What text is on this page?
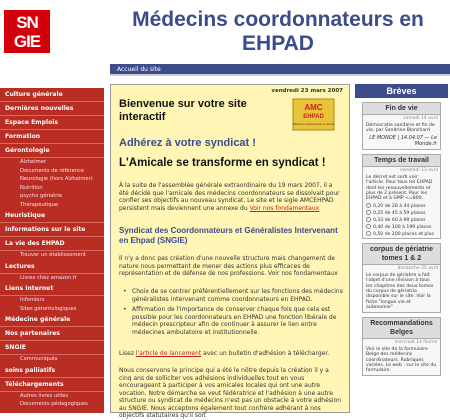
SN
GIE
Médecins coordonnateurs en EHPAD
Accueil du site
Culture générale
Dernières nouvelles
Espace Emplois
Formation
Gérontologie
Alzheimer
Documents de référence
Neurologie (hors Alzheimer)
Nutrition
psycho gériatrie
Thérapeutique
Heuristique
Informations sur le site
La vie des EHPAD
Trouver un établissement
Lectures
Livres chez amazon.fr
Liens Internet
Infomiers
Sites gérontologiques
Médecine générale
Nos partenaires
SNGIE
Communiqués
soins palliatifs
Téléchargements
Autres livres utiles
Documents pédagogiques
vendredi 23 mars 2007
Bienvenue sur votre site interactif
AMC
EHPAD
Médecins coordonnateurs en Ehpad
Adhérez à votre syndicat !
L'Amicale se transforme en syndicat !
À la suite de l'assemblée générale extraordinaire du 19 mars 2007, il a été décidé que l'amicale des médecins coordonnateurs se dissolvait pour confier ses objectifs au nouveau syndicat. Le site et le sigle AMCEHPAD persistent mais deviennent une annexe du Voir nos fondamentaux
Syndicat des Coordonnateurs et Généralistes Intervenant en Ehpad (SNGIE)
Il n'y a donc pas création d'une nouvelle structure mais changement de nature nous permettant de mener des actions plus efficaces de représentation et de défense de nos professions. Voir nos fondamentaux
• Choix de se centrer préférentiellement sur les fonctions des médecins généralistes intervenant comme coordonnateurs en EHPAD.
• Affirmation de l'importance de conserver chaque fois que cela est possible pour les coordonnateurs en EHPAD une fonction libérale de médecin prescripteur afin de continuer à assurer le lien entre médecines ambulatoire et institutionnelle.
Lisez l'article de lancement avec un bulletin d'adhésion à télécharger.
Nous conservons le principe qui a été le nôtre depuis la création il y a cinq ans de solliciter vos adhésions individuelles tout en vous encourageant à participer à vos amicales locales qui ont une autre vocation. Notre démarche se veut fédératrice et l'adhésion à une autre structure ou syndicat de médecins n'est pas un obstacle à votre adhésion au SNGIE. Nous acceptons également tout confrère adhérant à nos objectifs statutaires qu'il soit
Brèves
Fin de vie
samedi 14 avril
Démocratie sanitaire et fin de vie, par Sandrine Blanchard
LE MONDE | 14.04.07 — Le Monde.fr
Temps de travail
vendredi 13 avril
Le décret est sorti voir l'article. Pour tous les EHPAD dont les renouvellements et plus de 2 présent. Pour les EHPAD et à GMP <=800.
0,20 de 28 à 44 places
0,25 de 45 à 59 places
0,33 de 60 à 99 places
0,40 de 100 à 199 places
0,50 de 200 places et plus
corpus de gériatrie tomes 1 & 2
dimanche 25 avril
Le corpus de gériatrie a fait l'objet d'une révision à tous les chapitres des deux tomes du corpus de gériatrie disponible sur le site. Voir la fiche "longue vie et autonomie"
Recommandations Belges
mercredi 14 février
Voir le site de la formulaire Belge des médecins coordinateurs. Rubriques variées. Le web : sur le site du formulaire.
